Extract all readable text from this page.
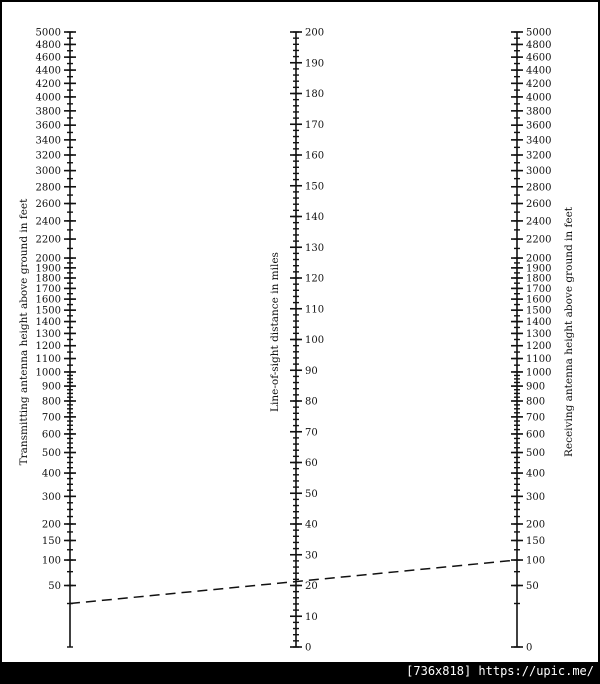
5000
4800
4600
4400
4200
4000
3800
3600
3400
3200
3000
2800
2600
2400
2200
2000
1900
1800
1700
1600
1500
1400
1300
1200
1100
1000
900
800
700
600
500
400
300
200
150
100
50
200
190
180
170
160
150
140
130
120
110
100
90
80
70
60
50
40
30
20
10
0
5000
4800
4600
4400
4200
4000
3800
3600
3400
3200
3000
2800
2600
2400
2200
2000
1900
1800
1700
1600
1500
1400
1300
1200
1100
1000
900
800
700
600
500
400
300
200
150
100
50
0
Transmitting antenna height above ground in feet	Line-of-sight distance in miles	Receiving antenna height above ground in feet
[736x818] https://upic.me/
